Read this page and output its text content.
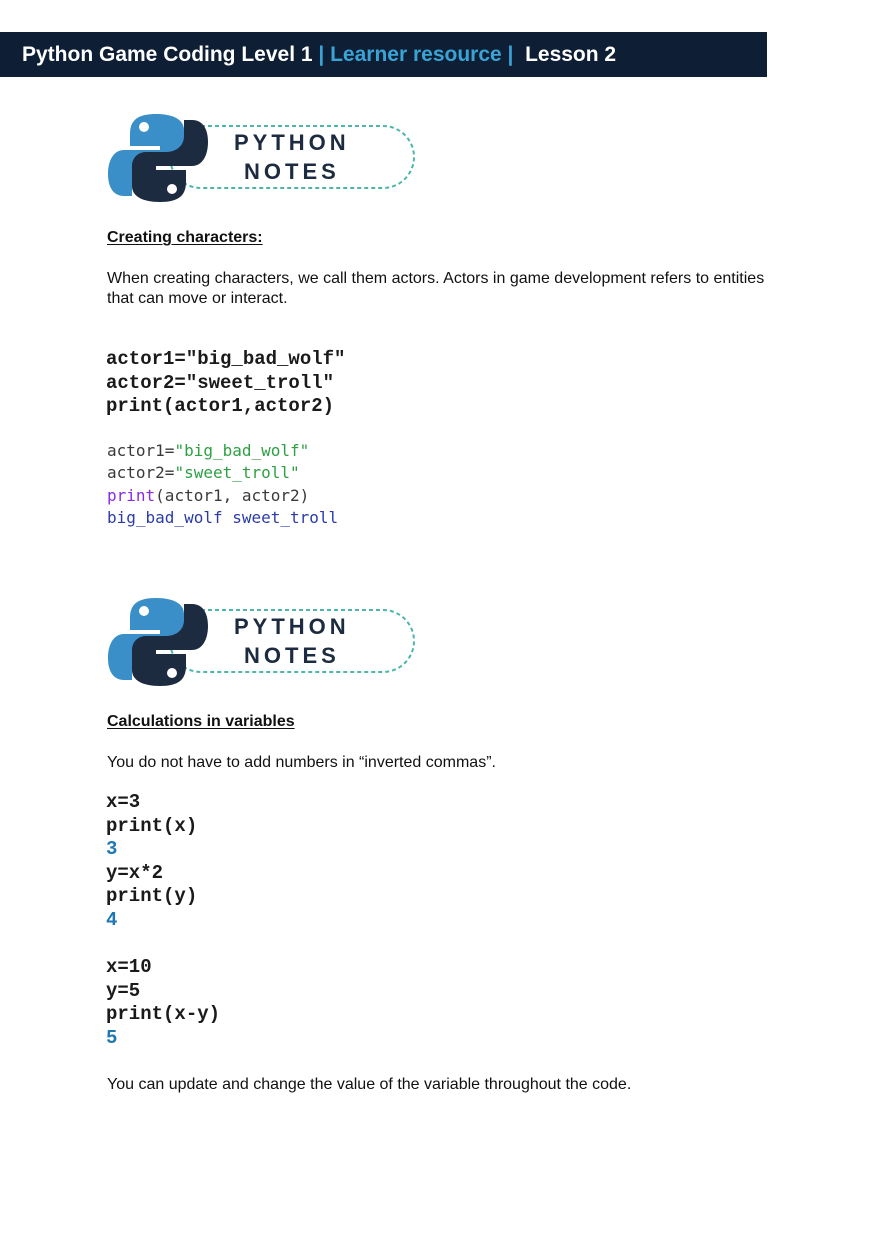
Python Game Coding Level 1 | Learner resource | Lesson 2
PYTHON
NOTES
Creating characters:
When creating characters, we call them actors. Actors in game development refers to entities that can move or interact.
actor1="big_bad_wolf"
actor2="sweet_troll"
print(actor1,actor2)
actor1="big_bad_wolf"
actor2="sweet_troll"
print(actor1, actor2)
big_bad_wolf sweet_troll
PYTHON
NOTES
Calculations in variables
You do not have to add numbers in “inverted commas”.
x=3
print(x)
3
y=x*2
print(y)
4
x=10
y=5
print(x-y)
5
You can update and change the value of the variable throughout the code.
